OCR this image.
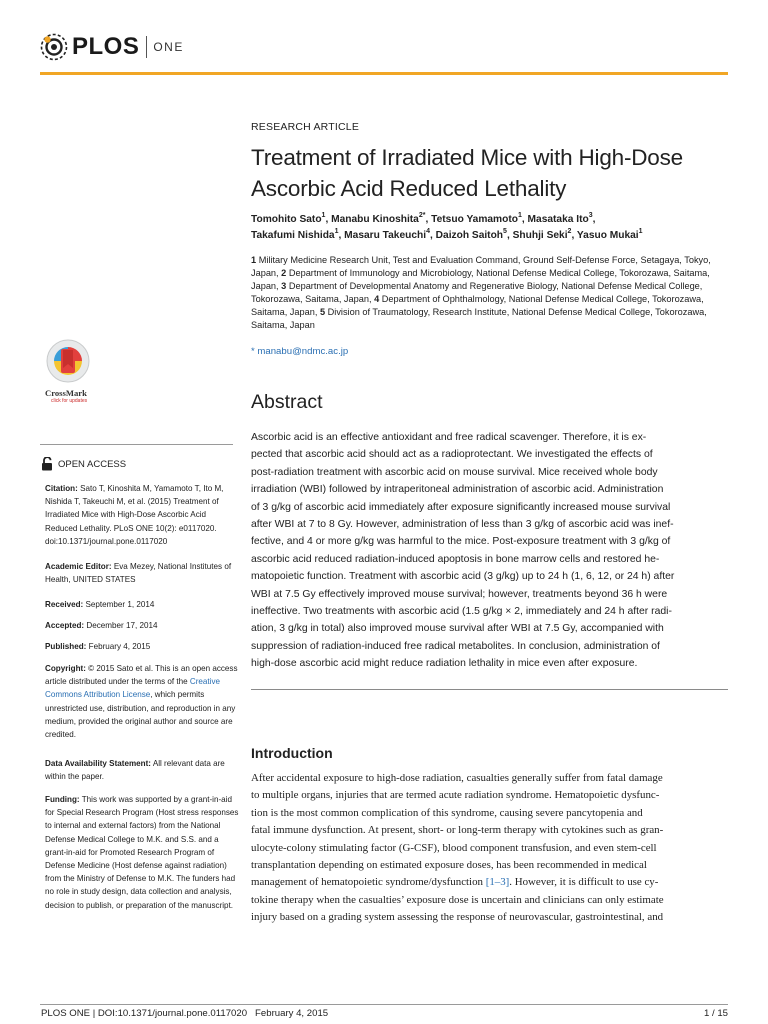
PLOS ONE
RESEARCH ARTICLE
Treatment of Irradiated Mice with High-Dose
Ascorbic Acid Reduced Lethality
Tomohito Sato$^1$, Manabu Kinoshita$^{2*}$, Tetsuo Yamamoto$^1$, Masataka Ito$^3$,
Takafumi Nishida$^1$, Masaru Takeuchi$^4$, Daizoh Saitoh$^5$, Shuhji Seki$^2$, Yasuo Mukai$^1$
1 Military Medicine Research Unit, Test and Evaluation Command, Ground Self-Defense Force, Setagaya, Tokyo, Japan, 2 Department of Immunology and Microbiology, National Defense Medical College, Tokorozawa, Saitama, Japan, 3 Department of Developmental Anatomy and Regenerative Biology, National Defense Medical College, Tokorozawa, Saitama, Japan, 4 Department of Ophthalmology, National Defense Medical College, Tokorozawa, Saitama, Japan, 5 Division of Traumatology, Research Institute, National Defense Medical College, Tokorozawa, Saitama, Japan
* manabu@ndmc.ac.jp
Abstract
Ascorbic acid is an effective antioxidant and free radical scavenger. Therefore, it is ex-
pected that ascorbic acid should act as a radioprotectant. We investigated the effects of
post-radiation treatment with ascorbic acid on mouse survival. Mice received whole body
irradiation (WBI) followed by intraperitoneal administration of ascorbic acid. Administration
of 3 g/kg of ascorbic acid immediately after exposure significantly increased mouse survival
after WBI at 7 to 8 Gy. However, administration of less than 3 g/kg of ascorbic acid was inef-
fective, and 4 or more g/kg was harmful to the mice. Post-exposure treatment with 3 g/kg of
ascorbic acid reduced radiation-induced apoptosis in bone marrow cells and restored he-
matopoietic function. Treatment with ascorbic acid (3 g/kg) up to 24 h (1, 6, 12, or 24 h) after
WBI at 7.5 Gy effectively improved mouse survival; however, treatments beyond 36 h were
ineffective. Two treatments with ascorbic acid (1.5 g/kg × 2, immediately and 24 h after radi-
ation, 3 g/kg in total) also improved mouse survival after WBI at 7.5 Gy, accompanied with
suppression of radiation-induced free radical metabolites. In conclusion, administration of
high-dose ascorbic acid might reduce radiation lethality in mice even after exposure.
Introduction
After accidental exposure to high-dose radiation, casualties generally suffer from fatal damage
to multiple organs, injuries that are termed acute radiation syndrome. Hematopoietic dysfunc-
tion is the most common complication of this syndrome, causing severe pancytopenia and
fatal immune dysfunction. At present, short- or long-term therapy with cytokines such as gran-
ulocyte-colony stimulating factor (G-CSF), blood component transfusion, and even stem-cell
transplantation depending on estimated exposure doses, has been recommended in medical
management of hematopoietic syndrome/dysfunction [1–3]. However, it is difficult to use cy-
tokine therapy when the casualties’ exposure dose is uncertain and clinicians can only estimate
injury based on a grading system assessing the response of neurovascular, gastrointestinal, and
CrossMark
click for updates
OPEN ACCESS
Citation: Sato T, Kinoshita M, Yamamoto T, Ito M, Nishida T, Takeuchi M, et al. (2015) Treatment of Irradiated Mice with High-Dose Ascorbic Acid Reduced Lethality. PLoS ONE 10(2): e0117020. doi:10.1371/journal.pone.0117020
Academic Editor: Eva Mezey, National Institutes of Health, UNITED STATES
Received: September 1, 2014
Accepted: December 17, 2014
Published: February 4, 2015
Copyright: © 2015 Sato et al. This is an open access article distributed under the terms of the Creative Commons Attribution License, which permits unrestricted use, distribution, and reproduction in any medium, provided the original author and source are credited.
Data Availability Statement: All relevant data are within the paper.
Funding: This work was supported by a grant-in-aid for Special Research Program (Host stress responses to internal and external factors) from the National Defense Medical College to M.K. and S.S. and a grant-in-aid for Promoted Research Program of Defense Medicine (Host defense against radiation) from the Ministry of Defense to M.K. The funders had no role in study design, data collection and analysis, decision to publish, or preparation of the manuscript.
PLOS ONE | DOI:10.1371/journal.pone.0117020   February 4, 2015	1 / 15
